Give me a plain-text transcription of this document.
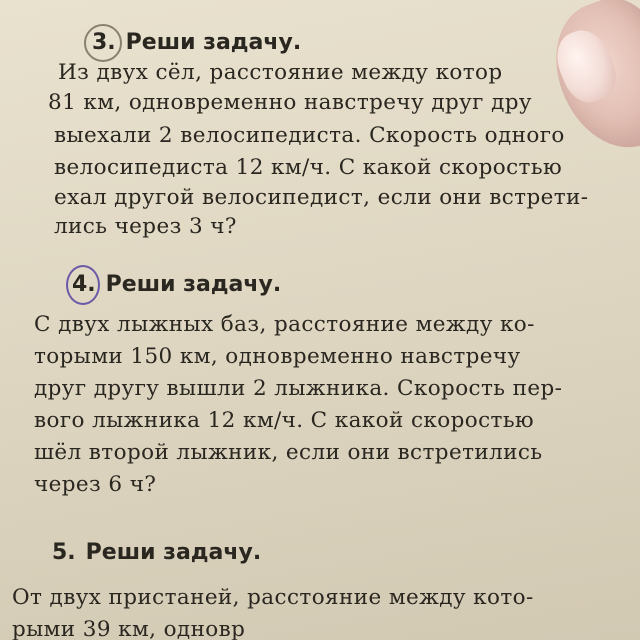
3. Реши задачу.
Из двух сёл, расстояние между котор
81 км, одновременно навстречу друг дру
выехали 2 велосипедиста. Скорость одного
велосипедиста 12 км/ч. С какой скоростью
ехал другой велосипедист, если они встрети-
лись через 3 ч?
4. Реши задачу.
С двух лыжных баз, расстояние между ко-
торыми 150 км, одновременно навстречу
друг другу вышли 2 лыжника. Скорость пер-
вого лыжника 12 км/ч. С какой скоростью
шёл второй лыжник, если они встретились
через 6 ч?
5. Реши задачу.
От двух пристаней, расстояние между кото-
рыми 39 км, одновр
